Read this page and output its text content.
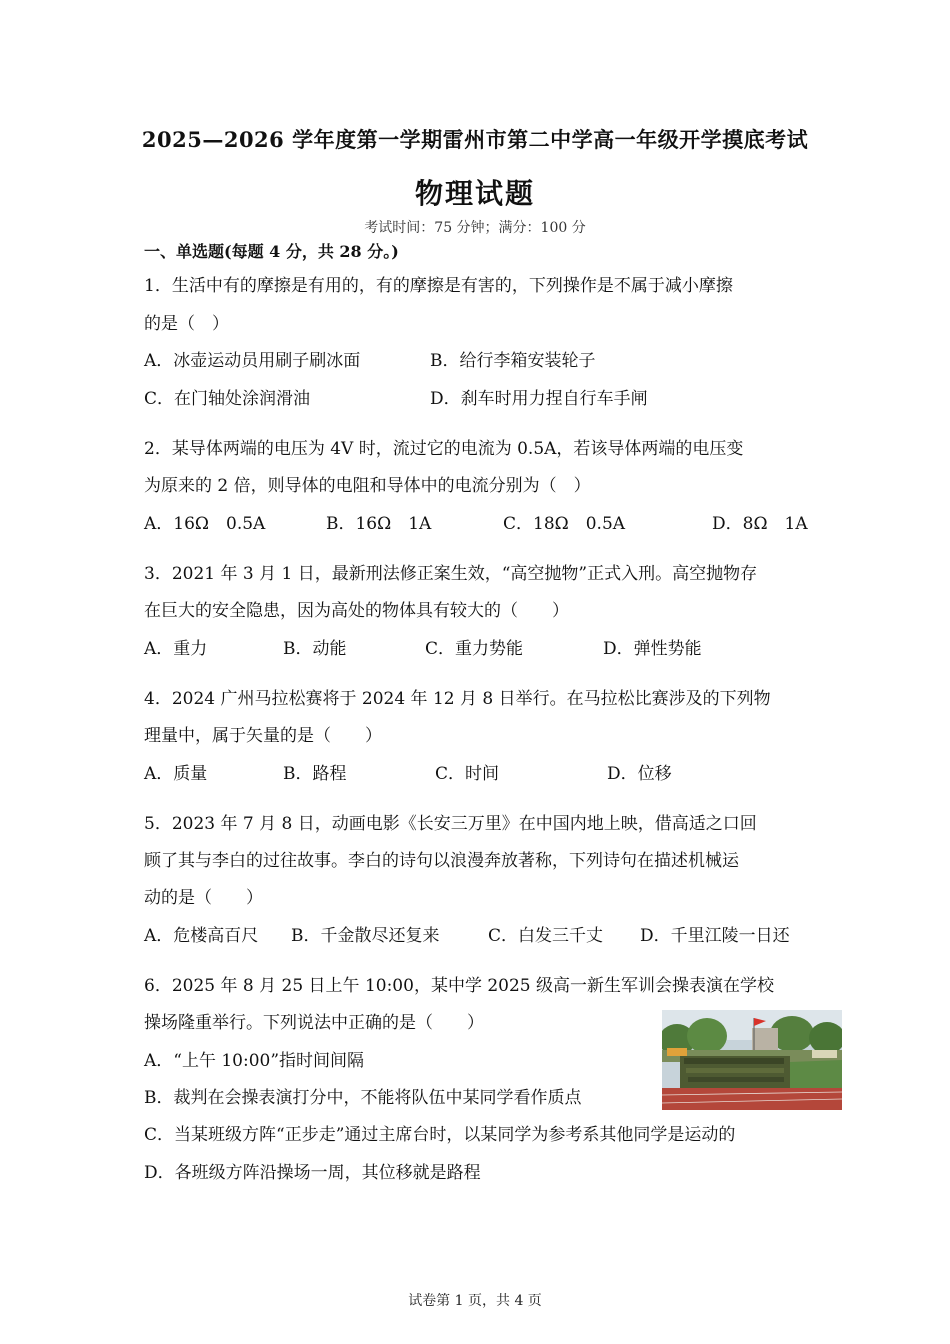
2025—2026 学年度第一学期雷州市第二中学高一年级开学摸底考试
物理试题
考试时间：75 分钟；满分：100 分
一、单选题(每题 4 分，共 28 分。)
1．生活中有的摩擦是有用的，有的摩擦是有害的，下列操作是不属于减小摩擦
的是（　）
A．冰壶运动员用刷子刷冰面	B．给行李箱安装轮子
C．在门轴处涂润滑油	D．刹车时用力捏自行车手闸
2．某导体两端的电压为 4V 时，流过它的电流为 0.5A，若该导体两端的电压变
为原来的 2 倍，则导体的电阻和导体中的电流分别为（　）
A．16Ω　0.5A	B．16Ω　1A	C．18Ω　0.5A	D．8Ω　1A
3．2021 年 3 月 1 日，最新刑法修正案生效，“高空抛物”正式入刑。高空抛物存
在巨大的安全隐患，因为高处的物体具有较大的（　　）
A．重力	B．动能	C．重力势能	D．弹性势能
4．2024 广州马拉松赛将于 2024 年 12 月 8 日举行。在马拉松比赛涉及的下列物
理量中，属于矢量的是（　　）
A．质量	B．路程	C．时间	D．位移
5．2023 年 7 月 8 日，动画电影《长安三万里》在中国内地上映，借高适之口回
顾了其与李白的过往故事。李白的诗句以浪漫奔放著称，下列诗句在描述机械运
动的是（　　）
A．危楼高百尺 B．千金散尽还复来	C．白发三千丈 D．千里江陵一日还
6．2025 年 8 月 25 日上午 10:00，某中学 2025 级高一新生军训会操表演在学校
操场隆重举行。下列说法中正确的是（　　）
A．“上午 10:00”指时间间隔
B．裁判在会操表演打分中，不能将队伍中某同学看作质点
C．当某班级方阵“正步走”通过主席台时，以某同学为参考系其他同学是运动的
D．各班级方阵沿操场一周，其位移就是路程
试卷第 1 页，共 4 页
